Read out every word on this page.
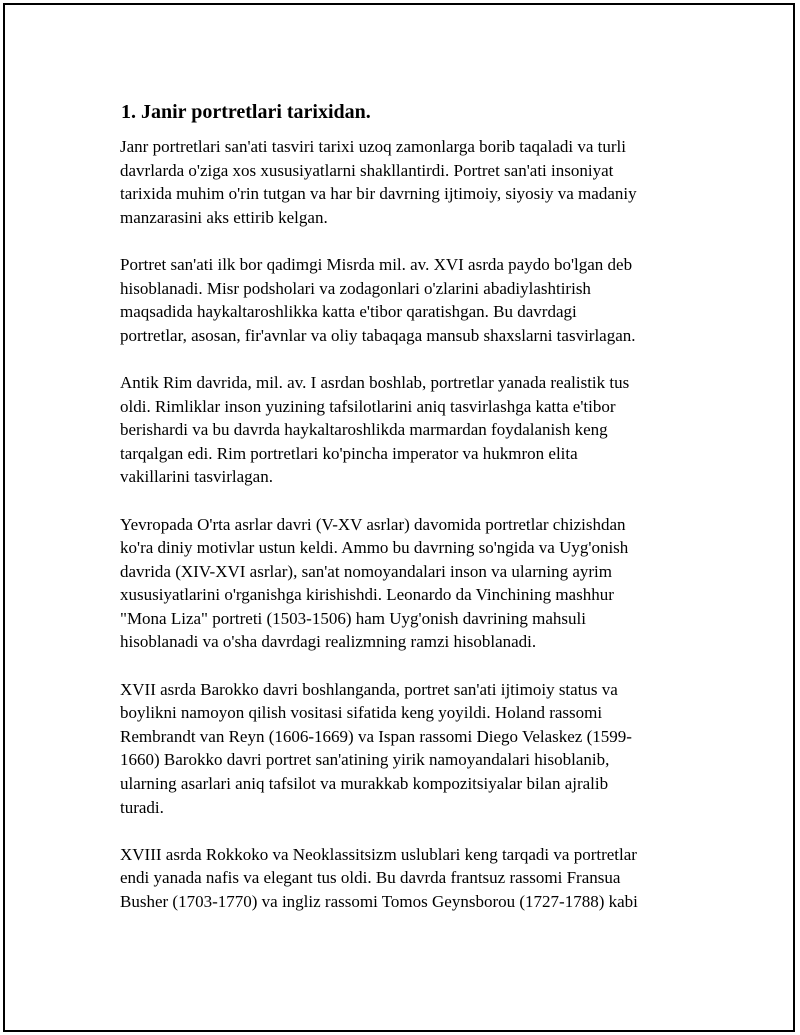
1. Janir portretlari tarixidan.

Janr portretlari san'ati tasviri tarixi uzoq zamonlarga borib taqaladi va turli
davrlarda o'ziga xos xususiyatlarni shakllantirdi. Portret san'ati insoniyat
tarixida muhim o'rin tutgan va har bir davrning ijtimoiy, siyosiy va madaniy
manzarasini aks ettirib kelgan.

Portret san'ati ilk bor qadimgi Misrda mil. av. XVI asrda paydo bo'lgan deb
hisoblanadi. Misr podsholari va zodagonlari o'zlarini abadiylashtirish
maqsadida haykaltaroshlikka katta e'tibor qaratishgan. Bu davrdagi
portretlar, asosan, fir'avnlar va oliy tabaqaga mansub shaxslarni tasvirlagan.

Antik Rim davrida, mil. av. I asrdan boshlab, portretlar yanada realistik tus
oldi. Rimliklar inson yuzining tafsilotlarini aniq tasvirlashga katta e'tibor
berishardi va bu davrda haykaltaroshlikda marmardan foydalanish keng
tarqalgan edi. Rim portretlari ko'pincha imperator va hukmron elita
vakillarini tasvirlagan.

Yevropada O'rta asrlar davri (V-XV asrlar) davomida portretlar chizishdan
ko'ra diniy motivlar ustun keldi. Ammo bu davrning so'ngida va Uyg'onish
davrida (XIV-XVI asrlar), san'at nomoyandalari inson va ularning ayrim
xususiyatlarini o'rganishga kirishishdi. Leonardo da Vinchining mashhur
"Mona Liza" portreti (1503-1506) ham Uyg'onish davrining mahsuli
hisoblanadi va o'sha davrdagi realizmning ramzi hisoblanadi.

XVII asrda Barokko davri boshlanganda, portret san'ati ijtimoiy status va
boylikni namoyon qilish vositasi sifatida keng yoyildi. Holand rassomi
Rembrandt van Reyn (1606-1669) va Ispan rassomi Diego Velaskez (1599-
1660) Barokko davri portret san'atining yirik namoyandalari hisoblanib,
ularning asarlari aniq tafsilot va murakkab kompozitsiyalar bilan ajralib
turadi.

XVIII asrda Rokkoko va Neoklassitsizm uslublari keng tarqadi va portretlar
endi yanada nafis va elegant tus oldi. Bu davrda frantsuz rassomi Fransua
Busher (1703-1770) va ingliz rassomi Tomos Geynsborou (1727-1788) kabi
